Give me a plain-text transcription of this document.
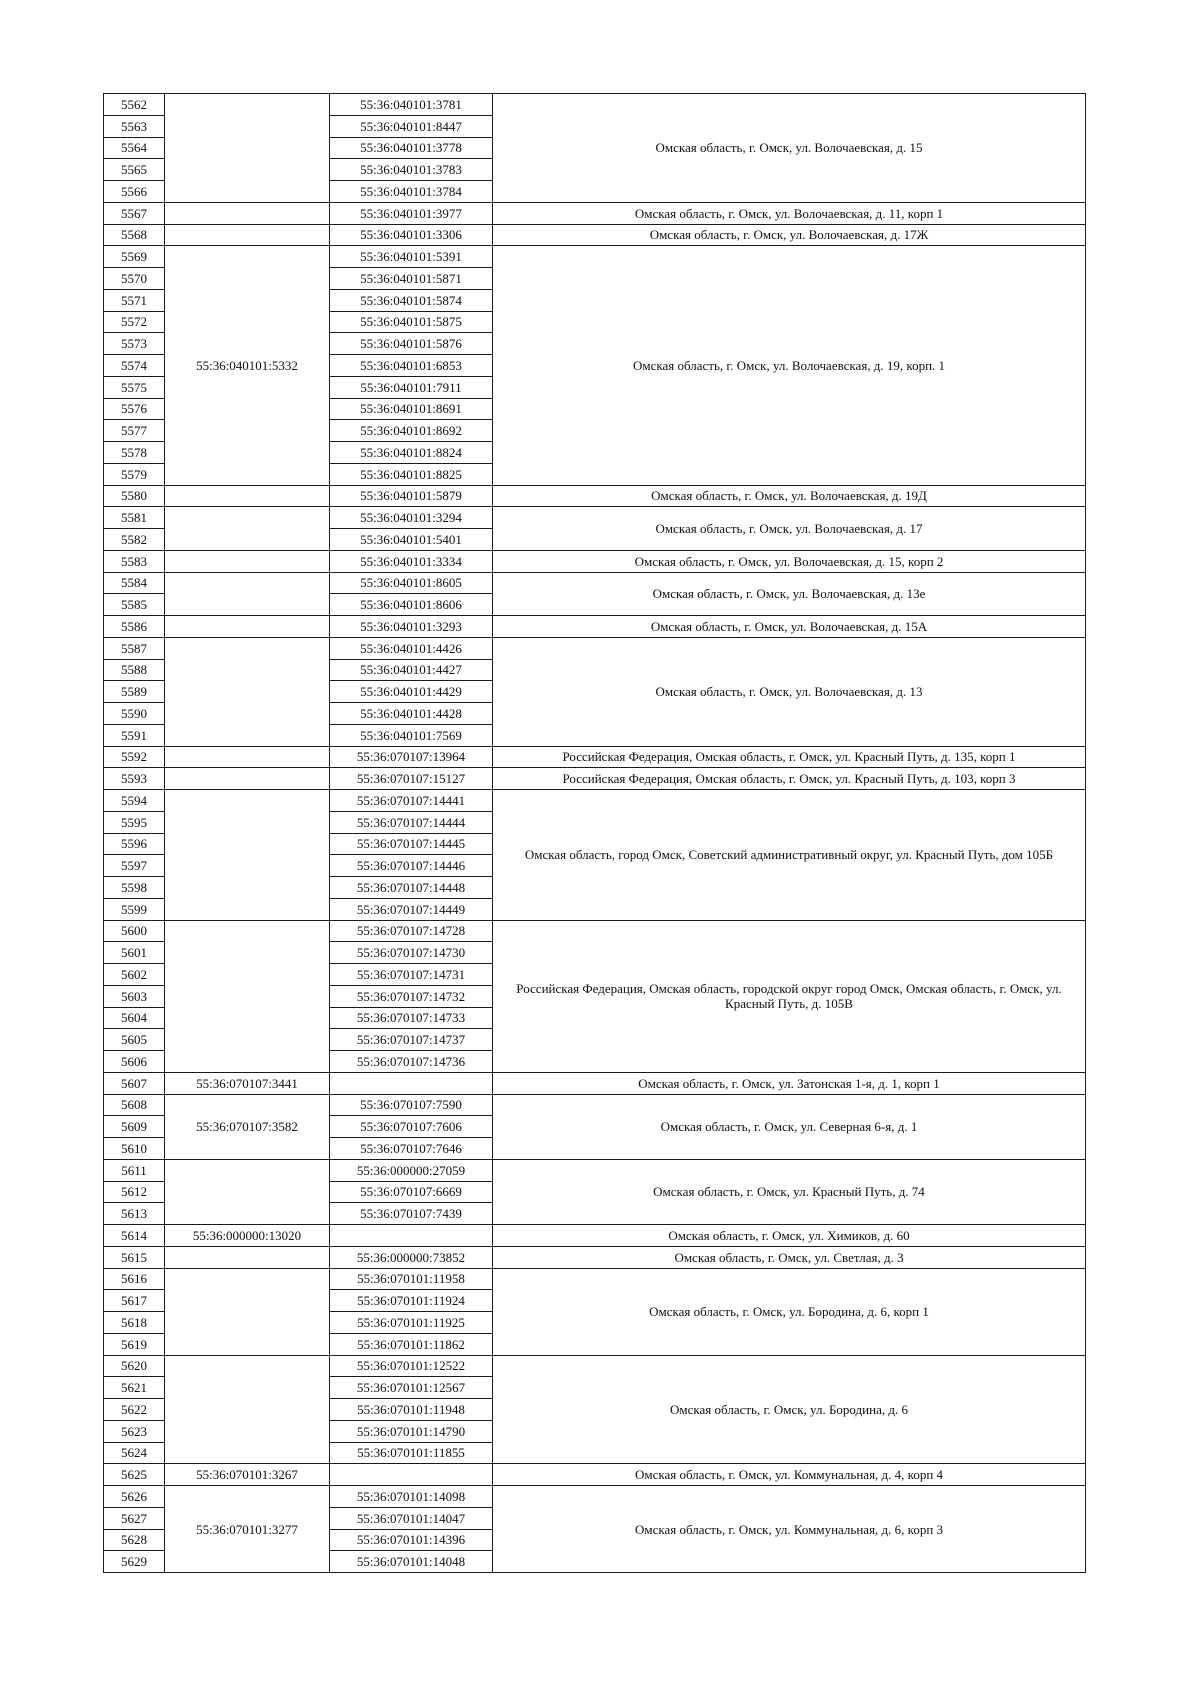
5562		55:36:040101:3781	Омская область, г. Омск, ул. Волочаевская, д. 15
5563		55:36:040101:8447	
5564		55:36:040101:3778	
5565		55:36:040101:3783	
5566		55:36:040101:3784	
5567		55:36:040101:3977	Омская область, г. Омск, ул. Волочаевская, д. 11, корп 1
5568		55:36:040101:3306	Омская область, г. Омск, ул. Волочаевская, д. 17Ж
5569	55:36:040101:5332	55:36:040101:5391	Омская область, г. Омск, ул. Волочаевская, д. 19, корп. 1
5570		55:36:040101:5871	
5571		55:36:040101:5874	
5572		55:36:040101:5875	
5573		55:36:040101:5876	
5574		55:36:040101:6853	
5575		55:36:040101:7911	
5576		55:36:040101:8691	
5577		55:36:040101:8692	
5578		55:36:040101:8824	
5579		55:36:040101:8825	
5580		55:36:040101:5879	Омская область, г. Омск, ул. Волочаевская, д. 19Д
5581		55:36:040101:3294	Омская область, г. Омск, ул. Волочаевская, д. 17
5582		55:36:040101:5401	
5583		55:36:040101:3334	Омская область, г. Омск, ул. Волочаевская, д. 15, корп 2
5584		55:36:040101:8605	Омская область, г. Омск, ул. Волочаевская, д. 13е
5585		55:36:040101:8606	
5586		55:36:040101:3293	Омская область, г. Омск, ул. Волочаевская, д. 15А
5587		55:36:040101:4426	Омская область, г. Омск, ул. Волочаевская, д. 13
5588		55:36:040101:4427	
5589		55:36:040101:4429	
5590		55:36:040101:4428	
5591		55:36:040101:7569	
5592		55:36:070107:13964	Российская Федерация, Омская область, г. Омск, ул. Красный Путь, д. 135, корп 1
5593		55:36:070107:15127	Российская Федерация, Омская область, г. Омск, ул. Красный Путь, д. 103, корп 3
5594		55:36:070107:14441	Омская область, город Омск, Советский административный округ, ул. Красный Путь, дом 105Б
5595		55:36:070107:14444	
5596		55:36:070107:14445	
5597		55:36:070107:14446	
5598		55:36:070107:14448	
5599		55:36:070107:14449	
5600		55:36:070107:14728	Российская Федерация, Омская область, городской округ город Омск, Омская область, г. Омск, ул. Красный Путь, д. 105В
5601		55:36:070107:14730	
5602		55:36:070107:14731	
5603		55:36:070107:14732	
5604		55:36:070107:14733	
5605		55:36:070107:14737	
5606		55:36:070107:14736	
5607	55:36:070107:3441		Омская область, г. Омск, ул. Затонская 1-я, д. 1, корп 1
5608	55:36:070107:3582	55:36:070107:7590	Омская область, г. Омск, ул. Северная 6-я, д. 1
5609		55:36:070107:7606	
5610		55:36:070107:7646	
5611		55:36:000000:27059	Омская область, г. Омск, ул. Красный Путь, д. 74
5612		55:36:070107:6669	
5613		55:36:070107:7439	
5614	55:36:000000:13020		Омская область, г. Омск, ул. Химиков, д. 60
5615		55:36:000000:73852	Омская область, г. Омск, ул. Светлая, д. 3
5616		55:36:070101:11958	Омская область, г. Омск, ул. Бородина, д. 6, корп 1
5617		55:36:070101:11924	
5618		55:36:070101:11925	
5619		55:36:070101:11862	
5620		55:36:070101:12522	Омская область, г. Омск, ул. Бородина, д. 6
5621		55:36:070101:12567	
5622		55:36:070101:11948	
5623		55:36:070101:14790	
5624		55:36:070101:11855	
5625	55:36:070101:3267		Омская область, г. Омск, ул. Коммунальная, д. 4, корп 4
5626	55:36:070101:3277	55:36:070101:14098	Омская область, г. Омск, ул. Коммунальная, д. 6, корп 3
5627		55:36:070101:14047	
5628		55:36:070101:14396	
5629		55:36:070101:14048	
